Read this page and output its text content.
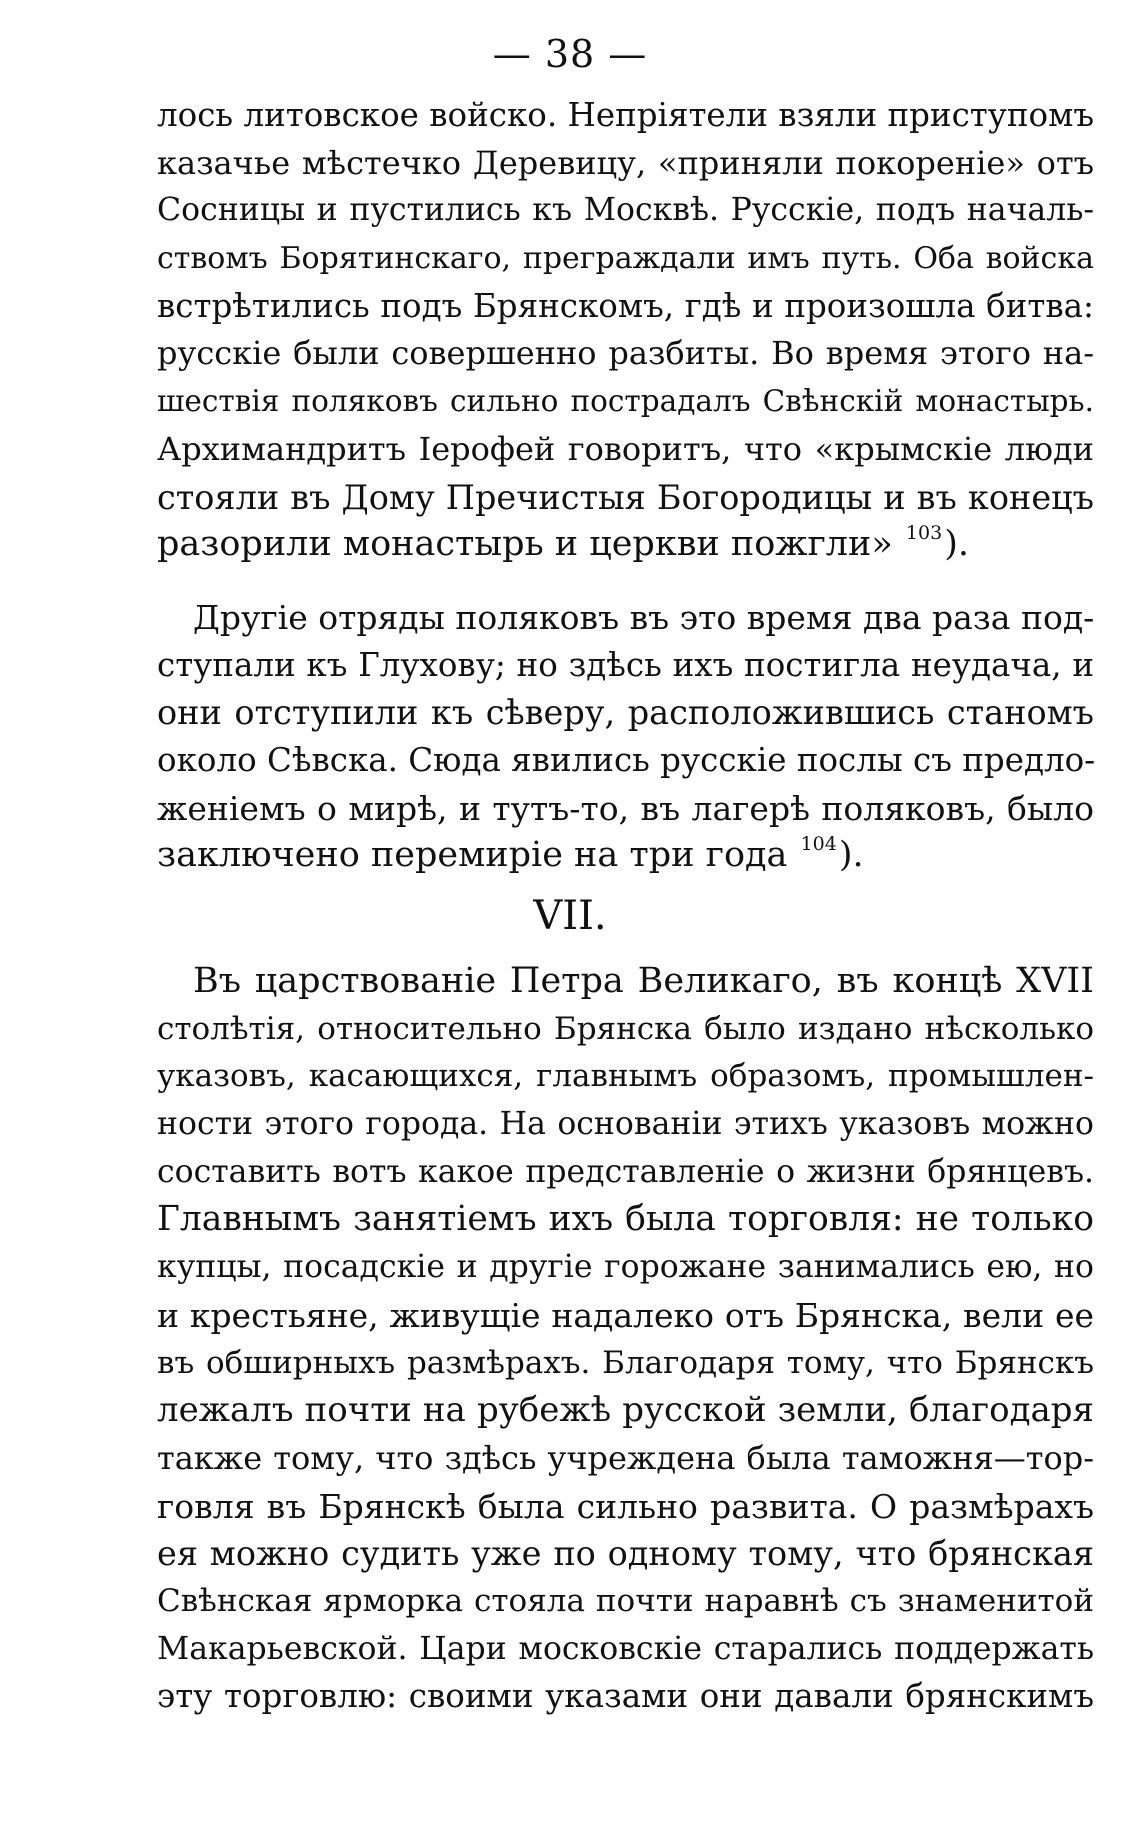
— 38 —
лось литовское войско. Непріятели взяли приступомъ
казачье мѣстечко Деревицу, «приняли покореніе» отъ
Сосницы и пустились къ Москвѣ. Русскіе, подъ началь-
ствомъ Борятинскаго, преграждали имъ путь. Оба войска
встрѣтились подъ Брянскомъ, гдѣ и произошла битва:
русскіе были совершенно разбиты. Во время этого на-
шествія поляковъ сильно пострадалъ Свѣнскій монастырь.
Архимандритъ Іерофей говоритъ, что «крымскіе люди
стояли въ Дому Пречистыя Богородицы и въ конецъ
разорили монастырь и церкви пожгли» $^{103}$).
Другіе отряды поляковъ въ это время два раза под-
ступали къ Глухову; но здѣсь ихъ постигла неудача, и
они отступили къ сѣверу, расположившись станомъ
около Сѣвска. Сюда явились русскіе послы съ предло-
женіемъ о мирѣ, и тутъ-то, въ лагерѣ поляковъ, было
заключено перемиріе на три года $^{104}$).
VII.
Въ царствованіе Петра Великаго, въ концѣ XVII
столѣтія, относительно Брянска было издано нѣсколько
указовъ, касающихся, главнымъ образомъ, промышлен-
ности этого города. На основаніи этихъ указовъ можно
составить вотъ какое представленіе о жизни брянцевъ.
Главнымъ занятіемъ ихъ была торговля: не только
купцы, посадскіе и другіе горожане занимались ею, но
и крестьяне, живущіе надалеко отъ Брянска, вели ее
въ обширныхъ размѣрахъ. Благодаря тому, что Брянскъ
лежалъ почти на рубежѣ русской земли, благодаря
также тому, что здѣсь учреждена была таможня—тор-
говля въ Брянскѣ была сильно развита. О размѣрахъ
ея можно судить уже по одному тому, что брянская
Свѣнская ярморка стояла почти наравнѣ съ знаменитой
Макарьевской. Цари московскіе старались поддержать
эту торговлю: своими указами они давали брянскимъ
